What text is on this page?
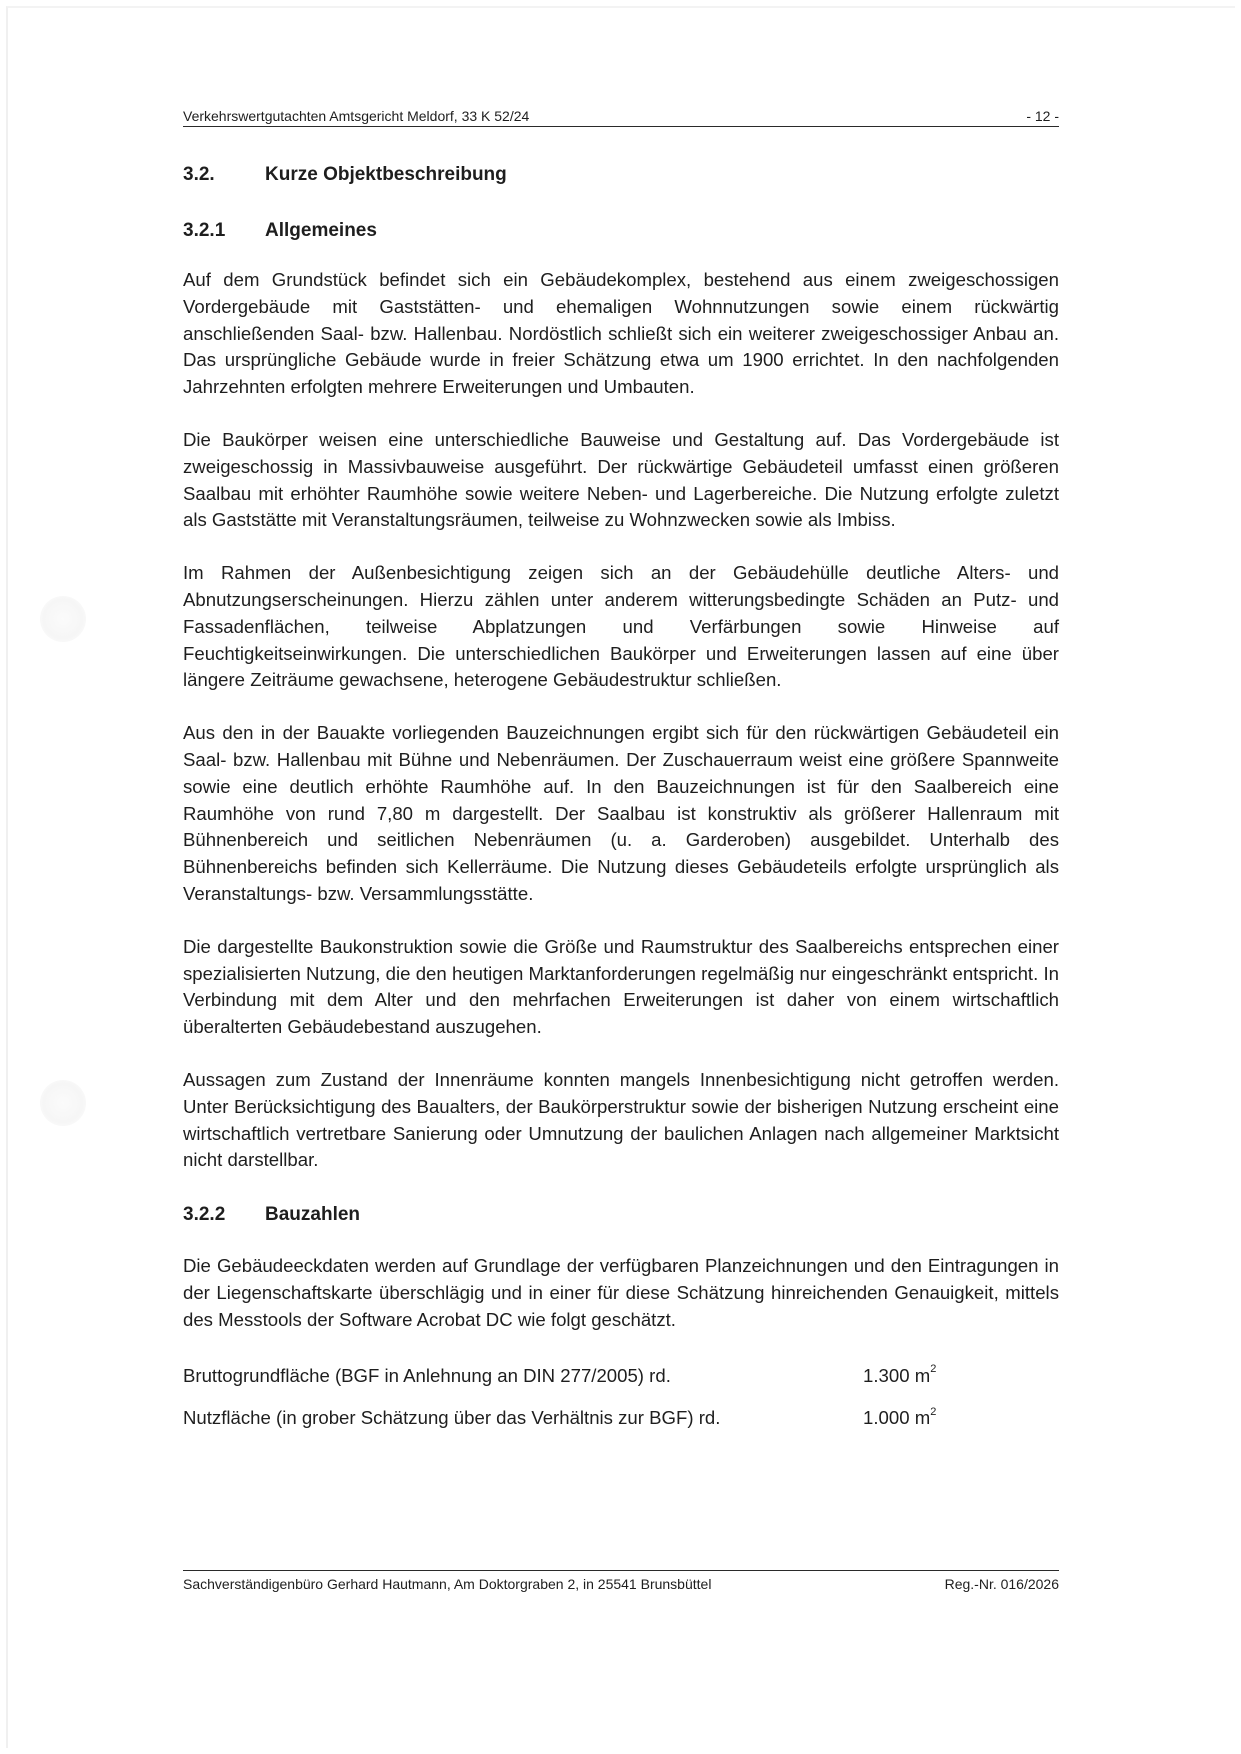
Verkehrswertgutachten Amtsgericht Meldorf, 33 K 52/24	- 12 -
3.2.	Kurze Objektbeschreibung
3.2.1	Allgemeines

Auf dem Grundstück befindet sich ein Gebäudekomplex, bestehend aus einem zweigeschossigen Vordergebäude mit Gaststätten- und ehemaligen Wohnnutzungen sowie einem rückwärtig anschließenden Saal- bzw. Hallenbau. Nordöstlich schließt sich ein weiterer zweigeschossiger Anbau an. Das ursprüngliche Gebäude wurde in freier Schätzung etwa um 1900 errichtet. In den nachfolgenden Jahrzehnten erfolgten mehrere Erweiterungen und Umbauten.

Die Baukörper weisen eine unterschiedliche Bauweise und Gestaltung auf. Das Vordergebäude ist zweigeschossig in Massivbauweise ausgeführt. Der rückwärtige Gebäudeteil umfasst einen größeren Saalbau mit erhöhter Raumhöhe sowie weitere Neben- und Lagerbereiche. Die Nutzung erfolgte zuletzt als Gaststätte mit Veranstaltungsräumen, teilweise zu Wohnzwecken sowie als Imbiss.

Im Rahmen der Außenbesichtigung zeigen sich an der Gebäudehülle deutliche Alters- und Abnutzungserscheinungen. Hierzu zählen unter anderem witterungsbedingte Schäden an Putz- und Fassadenflächen, teilweise Abplatzungen und Verfärbungen sowie Hinweise auf Feuchtigkeitseinwirkungen. Die unterschiedlichen Baukörper und Erweiterungen lassen auf eine über längere Zeiträume gewachsene, heterogene Gebäudestruktur schließen.

Aus den in der Bauakte vorliegenden Bauzeichnungen ergibt sich für den rückwärtigen Gebäudeteil ein Saal- bzw. Hallenbau mit Bühne und Nebenräumen. Der Zuschauerraum weist eine größere Spannweite sowie eine deutlich erhöhte Raumhöhe auf. In den Bauzeichnungen ist für den Saalbereich eine Raumhöhe von rund 7,80 m dargestellt. Der Saalbau ist konstruktiv als größerer Hallenraum mit Bühnenbereich und seitlichen Nebenräumen (u. a. Garderoben) ausgebildet. Unterhalb des Bühnenbereichs befinden sich Kellerräume. Die Nutzung dieses Gebäudeteils erfolgte ursprünglich als Veranstaltungs- bzw. Versammlungsstätte.

Die dargestellte Baukonstruktion sowie die Größe und Raumstruktur des Saalbereichs entsprechen einer spezialisierten Nutzung, die den heutigen Marktanforderungen regelmäßig nur eingeschränkt entspricht. In Verbindung mit dem Alter und den mehrfachen Erweiterungen ist daher von einem wirtschaftlich überalterten Gebäudebestand auszugehen.

Aussagen zum Zustand der Innenräume konnten mangels Innenbesichtigung nicht getroffen werden. Unter Berücksichtigung des Baualters, der Baukörperstruktur sowie der bisherigen Nutzung erscheint eine wirtschaftlich vertretbare Sanierung oder Umnutzung der baulichen Anlagen nach allgemeiner Marktsicht nicht darstellbar.

3.2.2	Bauzahlen

Die Gebäudeeckdaten werden auf Grundlage der verfügbaren Planzeichnungen und den Eintragungen in der Liegenschaftskarte überschlägig und in einer für diese Schätzung hinreichenden Genauigkeit, mittels des Messtools der Software Acrobat DC wie folgt geschätzt.

Bruttogrundfläche (BGF in Anlehnung an DIN 277/2005) rd.	1.300 $m^2$
Nutzfläche (in grober Schätzung über das Verhältnis zur BGF) rd.	1.000 $m^2$
Sachverständigenbüro Gerhard Hautmann, Am Doktorgraben 2, in 25541 Brunsbüttel	Reg.-Nr. 016/2026
